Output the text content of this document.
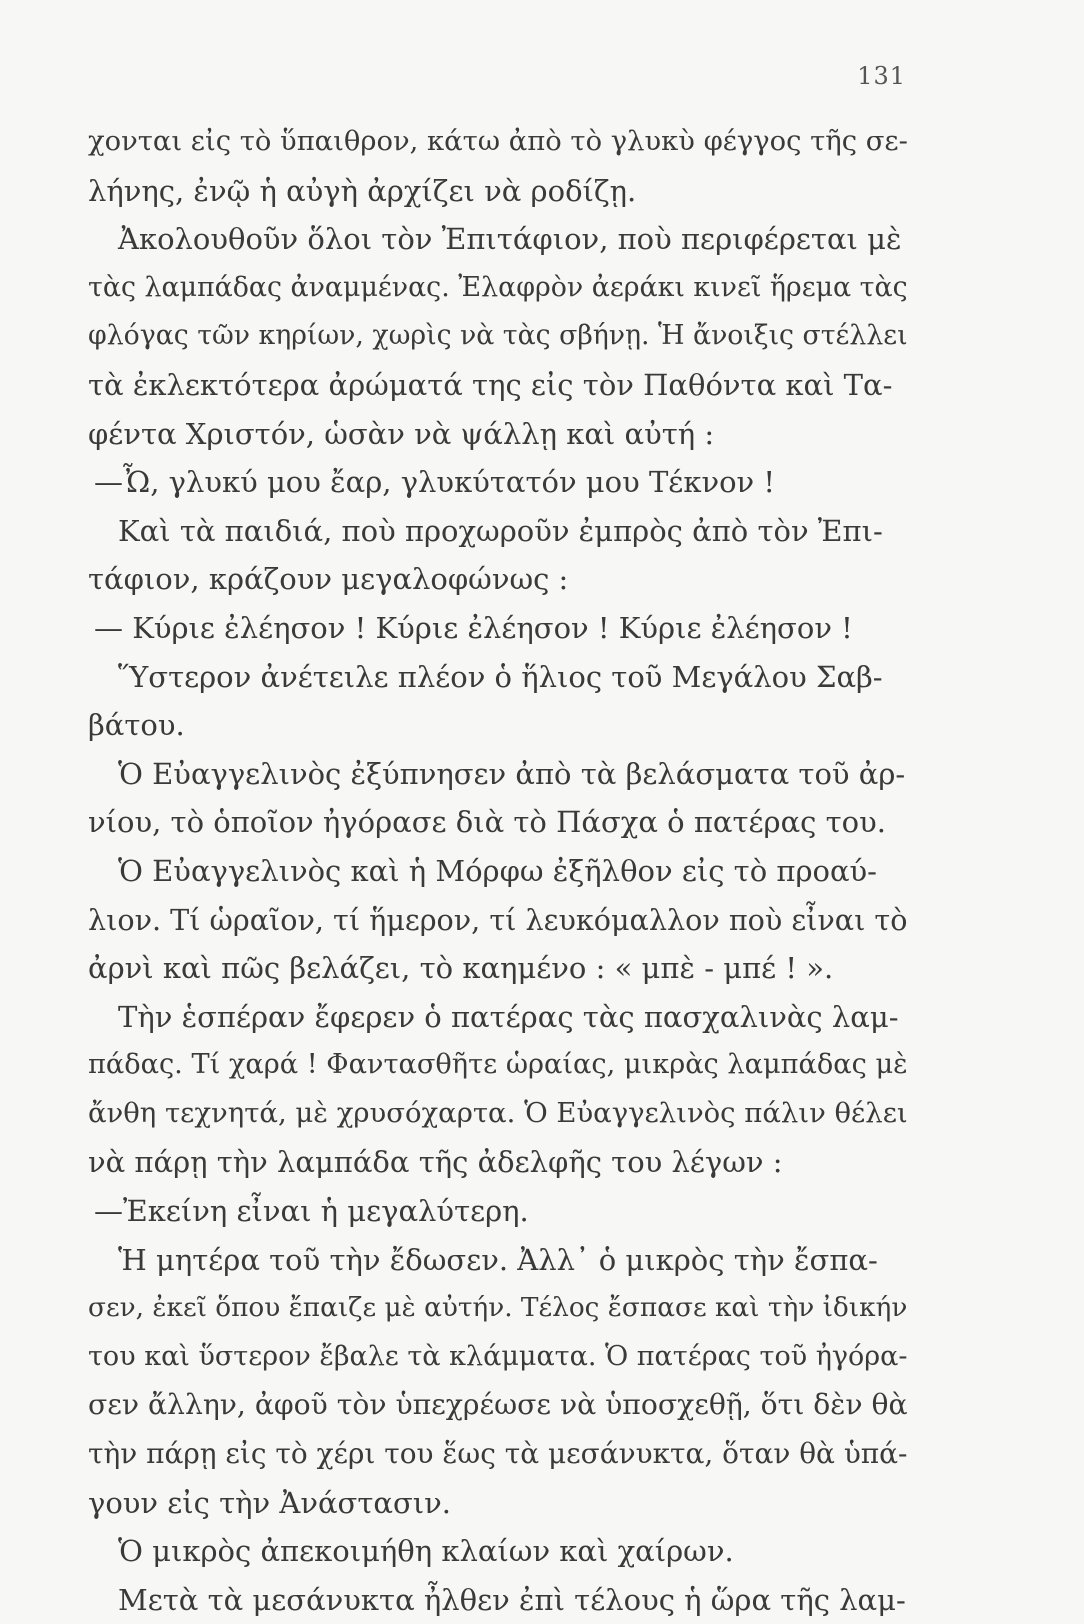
131
χονται εἰς τὸ ὕπαιθρον, κάτω ἀπὸ τὸ γλυκὺ φέγγος τῆς σε-
λήνης, ἐνῷ ἡ αὐγὴ ἀρχίζει νὰ ροδίζῃ.
Ἀκολουθοῦν ὅλοι τὸν Ἐπιτάφιον, ποὺ περιφέρεται μὲ
τὰς λαμπάδας ἀναμμένας. Ἐλαφρὸν ἀεράκι κινεῖ ἥρεμα τὰς
φλόγας τῶν κηρίων, χωρὶς νὰ τὰς σβήνῃ. Ἡ ἄνοιξις στέλλει
τὰ ἐκλεκτότερα ἀρώματά της εἰς τὸν Παθόντα καὶ Τα-
φέντα Χριστόν, ὡσὰν νὰ ψάλλῃ καὶ αὐτή :
—Ὦ, γλυκύ μου ἔαρ, γλυκύτατόν μου Τέκνον !
Καὶ τὰ παιδιά, ποὺ προχωροῦν ἐμπρὸς ἀπὸ τὸν Ἐπι-
τάφιον, κράζουν μεγαλοφώνως :
— Κύριε ἐλέησον ! Κύριε ἐλέησον ! Κύριε ἐλέησον !
Ὕστερον ἀνέτειλε πλέον ὁ ἥλιος τοῦ Μεγάλου Σαβ-
βάτου.
Ὁ Εὐαγγελινὸς ἐξύπνησεν ἀπὸ τὰ βελάσματα τοῦ ἀρ-
νίου, τὸ ὁποῖον ἠγόρασε διὰ τὸ Πάσχα ὁ πατέρας του.
Ὁ Εὐαγγελινὸς καὶ ἡ Μόρφω ἐξῆλθον εἰς τὸ προαύ-
λιον. Τί ὡραῖον, τί ἥμερον, τί λευκόμαλλον ποὺ εἶναι τὸ
ἀρνὶ καὶ πῶς βελάζει, τὸ καημένο : « μπὲ - μπέ ! ».
Τὴν ἑσπέραν ἔφερεν ὁ πατέρας τὰς πασχαλινὰς λαμ-
πάδας. Τί χαρά ! Φαντασθῆτε ὡραίας, μικρὰς λαμπάδας μὲ
ἄνθη τεχνητά, μὲ χρυσόχαρτα. Ὁ Εὐαγγελινὸς πάλιν θέλει
νὰ πάρῃ τὴν λαμπάδα τῆς ἀδελφῆς του λέγων :
—Ἐκείνη εἶναι ἡ μεγαλύτερη.
Ἡ μητέρα τοῦ τὴν ἔδωσεν. Ἀλλ᾽ ὁ μικρὸς τὴν ἔσπα-
σεν, ἐκεῖ ὅπου ἔπαιζε μὲ αὐτήν. Τέλος ἔσπασε καὶ τὴν ἰδικήν
του καὶ ὕστερον ἔβαλε τὰ κλάμματα. Ὁ πατέρας τοῦ ἠγόρα-
σεν ἄλλην, ἀφοῦ τὸν ὑπεχρέωσε νὰ ὑποσχεθῇ, ὅτι δὲν θὰ
τὴν πάρῃ εἰς τὸ χέρι του ἕως τὰ μεσάνυκτα, ὅταν θὰ ὑπά-
γουν εἰς τὴν Ἀνάστασιν.
Ὁ μικρὸς ἀπεκοιμήθη κλαίων καὶ χαίρων.
Μετὰ τὰ μεσάνυκτα ἦλθεν ἐπὶ τέλους ἡ ὥρα τῆς λαμ-
